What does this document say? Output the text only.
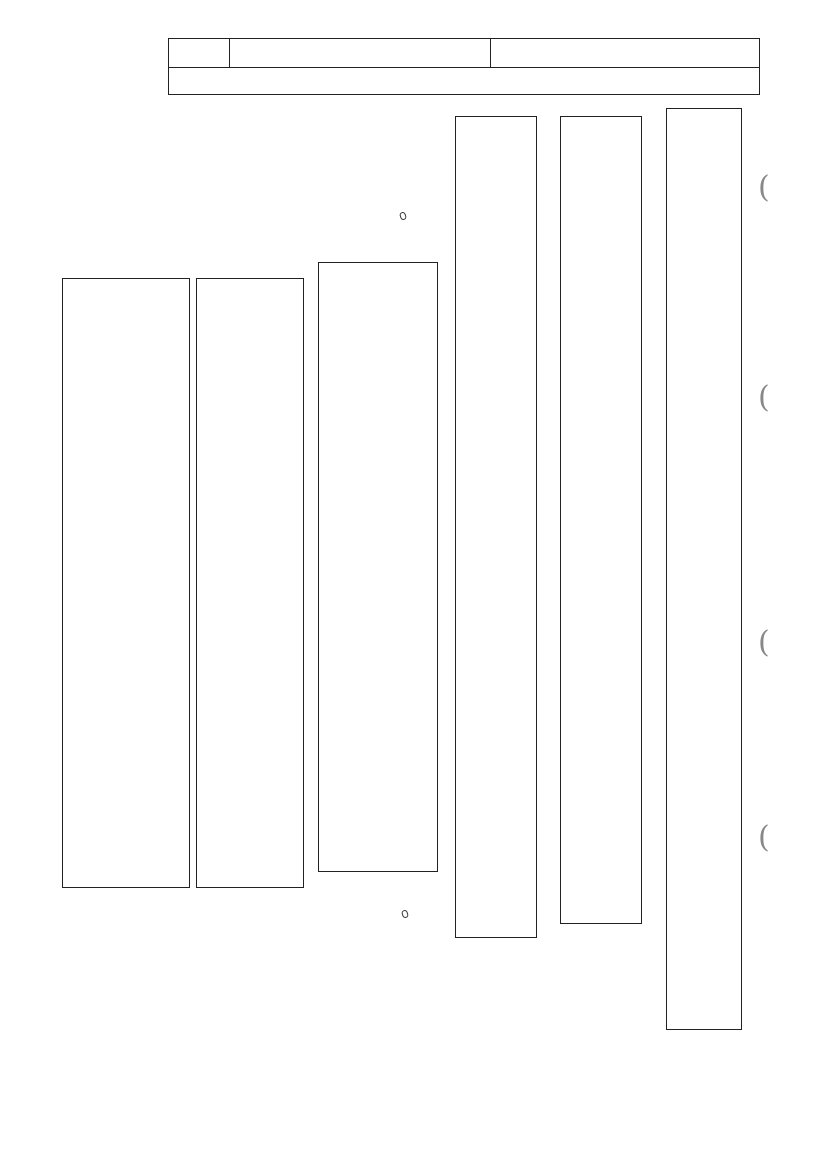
(
(
(
(
